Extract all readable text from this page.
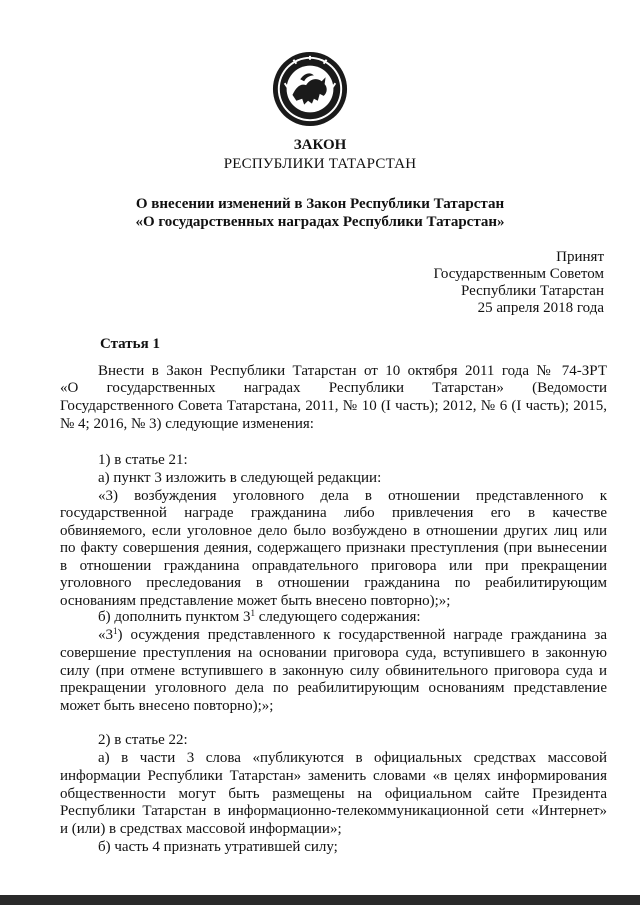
ЗАКОН
РЕСПУБЛИКИ ТАТАРСТАН
О внесении изменений в Закон Республики Татарстан
«О государственных наградах Республики Татарстан»
Принят
Государственным Советом
Республики Татарстан
25 апреля 2018 года
Статья 1
Внести в Закон Республики Татарстан от 10 октября 2011 года № 74-ЗРТ
«О государственных наградах Республики Татарстан» (Ведомости
Государственного Совета Татарстана, 2011, № 10 (I часть); 2012, № 6 (I часть); 2015,
№ 4; 2016, № 3) следующие изменения:
1) в статье 21:
а) пункт 3 изложить в следующей редакции:
«3) возбуждения уголовного дела в отношении представленного к
государственной награде гражданина либо привлечения его в качестве
обвиняемого, если уголовное дело было возбуждено в отношении других лиц или
по факту совершения деяния, содержащего признаки преступления (при вынесении
в отношении гражданина оправдательного приговора или при прекращении
уголовного преследования в отношении гражданина по реабилитирующим
основаниям представление может быть внесено повторно);»;
б) дополнить пунктом $3^1$ следующего содержания:
«$3^1$) осуждения представленного к государственной награде гражданина за
совершение преступления на основании приговора суда, вступившего в законную
силу (при отмене вступившего в законную силу обвинительного приговора суда и
прекращении уголовного дела по реабилитирующим основаниям представление
может быть внесено повторно);»;
2) в статье 22:
а) в части 3 слова «публикуются в официальных средствах массовой
информации Республики Татарстан» заменить словами «в целях информирования
общественности могут быть размещены на официальном сайте Президента
Республики Татарстан в информационно-телекоммуникационной сети «Интернет»
и (или) в средствах массовой информации»;
б) часть 4 признать утратившей силу;
